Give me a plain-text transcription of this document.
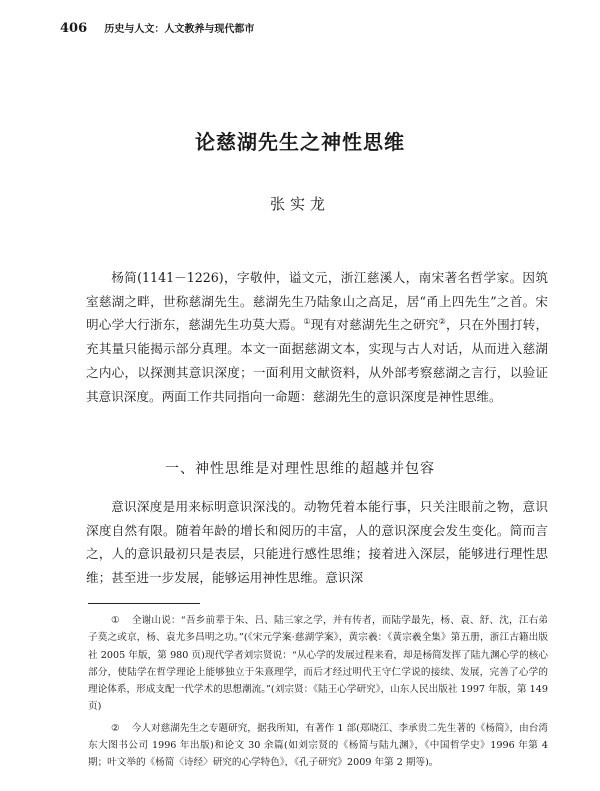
406 历史与人文：人文教养与现代都市
论慈湖先生之神性思维
张实龙
杨简(1141－1226)，字敬仲，谥文元，浙江慈溪人，南宋著名哲学家。因筑室慈湖之畔，世称慈湖先生。慈湖先生乃陆象山之高足，居“甬上四先生”之首。宋明心学大行浙东，慈湖先生功莫大焉。①现有对慈湖先生之研究②，只在外围打转，充其量只能揭示部分真理。本文一面据慈湖文本，实现与古人对话，从而进入慈湖之内心，以探测其意识深度；一面利用文献资料，从外部考察慈湖之言行，以验证其意识深度。两面工作共同指向一命题：慈湖先生的意识深度是神性思维。
一、神性思维是对理性思维的超越并包容
意识深度是用来标明意识深浅的。动物凭着本能行事，只关注眼前之物，意识深度自然有限。随着年龄的增长和阅历的丰富，人的意识深度会发生变化。简而言之，人的意识最初只是表层，只能进行感性思维；接着进入深层，能够进行理性思维；甚至进一步发展，能够运用神性思维。意识深

① 全谢山说：“吾乡前辈于朱、吕、陆三家之学，并有传者，而陆学最先，杨、袁、舒、沈，江右弟子莫之或京，杨、袁尤多昌明之功。”(《宋元学案·慈湖学案》，黄宗羲：《黄宗羲全集》第五册，浙江古籍出版社 2005 年版，第 980 页)现代学者刘宗贤说：“从心学的发展过程来看，却是杨简发挥了陆九渊心学的核心部分，使陆学在哲学理论上能够独立于朱熹理学，而后才经过明代王守仁学说的接续、发展，完善了心学的理论体系，形成支配一代学术的思想潮流。”(刘宗贤：《陆王心学研究》，山东人民出版社 1997 年版，第 149 页)

② 今人对慈湖先生之专题研究，据我所知，有著作 1 部(郑晓江、李承贵二先生著的《杨简》，由台湾东大图书公司 1996 年出版)和论文 30 余篇(如刘宗贤的《杨简与陆九渊》，《中国哲学史》1996 年第 4 期；叶文举的《杨简〈诗经〉研究的心学特色》，《孔子研究》2009 年第 2 期等)。
